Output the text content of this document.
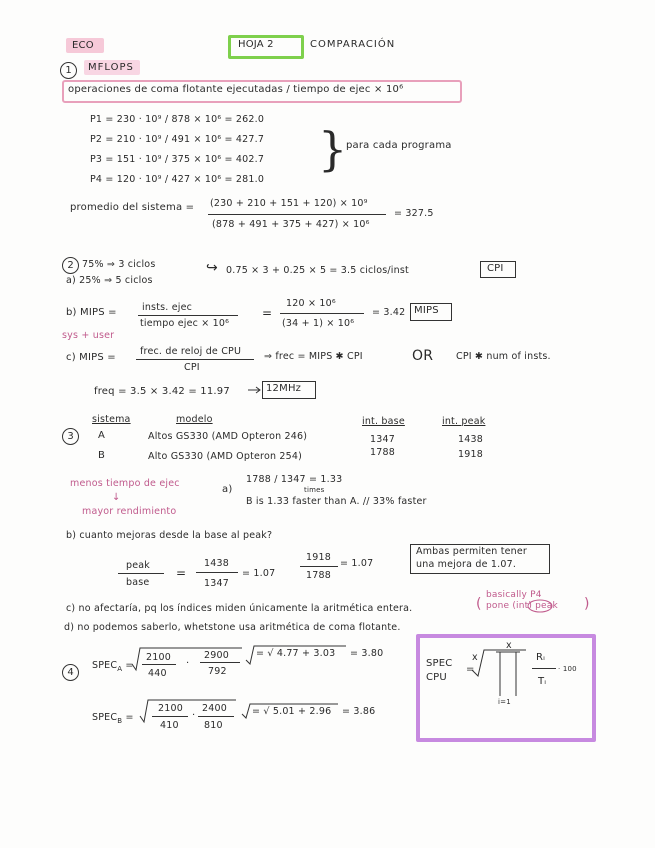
ECO	HOJA 2	COMPARACIÓN
1	MFLOPS
operaciones de coma flotante ejecutadas / tiempo de ejec × 10⁶
P1 = 230 · 10⁹ / 878 × 10⁶ = 262.0
P2 = 210 · 10⁹ / 491 × 10⁶ = 427.7
P3 = 151 · 10⁹ / 375 × 10⁶ = 402.7
P4 = 120 · 10⁹ / 427 × 10⁶ = 281.0
}
para cada programa
promedio del sistema = (230 + 210 + 151 + 120) × 10⁹
(878 + 491 + 375 + 427) × 10⁶
= 327.5
2 75% ⇒ 3 ciclos
a) 25% ⇒ 5 ciclos
↪ 0.75 × 3 + 0.25 × 5 = 3.5 ciclos/inst	CPI
b) MIPS =	insts. ejec
tiempo ejec × 10⁶
=
120 × 10⁶
(34 + 1) × 10⁶
= 3.42 MIPS
sys + user
c) MIPS =
frec. de reloj de CPU
CPI
⇒ frec = MIPS ✱ CPI	OR CPI ✱ num of insts.
freq = 3.5 × 3.42 = 11.97	12MHz
sistema	modelo	int. base	int. peak
3	A	Altos GS330 (AMD Opteron 246)	1347	1438
B	Alto GS330 (AMD Opteron 254)	1788	1918
menos tiempo de ejec
↓
mayor rendimiento
a)
1788 / 1347 = 1.33
times
B is 1.33 faster than A. // 33% faster
b) cuanto mejoras desde la base al peak?
peak
base
=
1438
1347
= 1.07
1918
1788
= 1.07
Ambas permiten tener
una mejora de 1.07.
c) no afectaría, pq los índices miden únicamente la aritmética entera.	(
basically P4
pone (int) peak )
d) no podemos saberlo, whetstone usa aritmética de coma flotante.
4
$SPEC_A$ =
2100
440
·
2900
792
= √ 4.77 + 3.03 = 3.80
$SPEC_B$ =
2100
410
·
2400
810
= √ 5.01 + 2.96 = 3.86
SPEC
CPU
=
x
x
i=1
Rᵢ
Tᵢ
· 100
